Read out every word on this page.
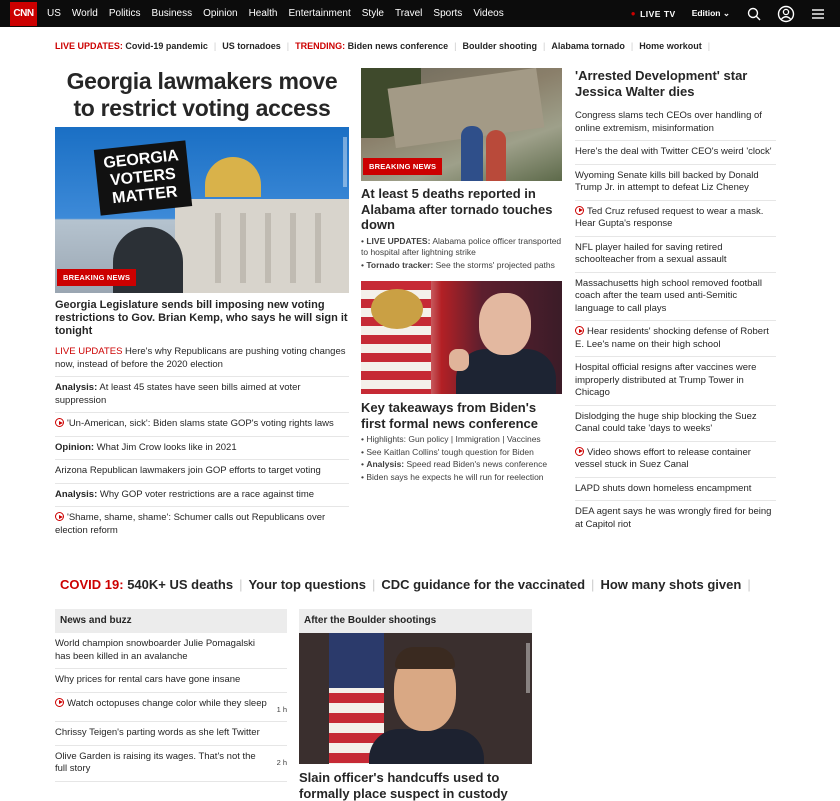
CNN	US World Politics Business Opinion Health Entertainment Style Travel Sports Videos	● LIVE TV Edition ⌄
LIVE UPDATES:
Covid-19 pandemic | US tornadoes | TRENDING:
Biden news conference | Boulder shooting | Alabama tornado | Home workout |
Georgia lawmakers move to restrict voting access
GEORGIA VOTERS MATTER
BREAKING NEWS
Georgia Legislature sends bill imposing new voting restrictions to Gov. Brian Kemp, who says he will sign it tonight
LIVE UPDATES Here's why Republicans are pushing voting changes now, instead of before the 2020 election
Analysis: At least 45 states have seen bills aimed at voter suppression
'Un-American, sick': Biden slams state GOP's voting rights laws
Opinion: What Jim Crow looks like in 2021
Arizona Republican lawmakers join GOP efforts to target voting
Analysis: Why GOP voter restrictions are a race against time
'Shame, shame, shame': Schumer calls out Republicans over election reform
BREAKING NEWS
At least 5 deaths reported in Alabama after tornado touches down
• LIVE UPDATES: Alabama police officer transported to hospital after lightning strike
• Tornado tracker: See the storms' projected paths
Key takeaways from Biden's first formal news conference
• Highlights: Gun policy | Immigration | Vaccines
• See Kaitlan Collins' tough question for Biden
• Analysis: Speed read Biden's news conference
• Biden says he expects he will run for reelection
'Arrested Development' star Jessica Walter dies
Congress slams tech CEOs over handling of online extremism, misinformation
Here's the deal with Twitter CEO's weird 'clock'
Wyoming Senate kills bill backed by Donald Trump Jr. in attempt to defeat Liz Cheney
Ted Cruz refused request to wear a mask. Hear Gupta's response
NFL player hailed for saving retired schoolteacher from a sexual assault
Massachusetts high school removed football coach after the team used anti-Semitic language to call plays
Hear residents' shocking defense of Robert E. Lee's name on their high school
Hospital official resigns after vaccines were improperly distributed at Trump Tower in Chicago
Dislodging the huge ship blocking the Suez Canal could take 'days to weeks'
Video shows effort to release container vessel stuck in Suez Canal
LAPD shuts down homeless encampment
DEA agent says he was wrongly fired for being at Capitol riot
COVID 19:
540K+ US deaths | Your top questions | CDC guidance for the vaccinated | How many shots given |
News and buzz
World champion snowboarder Julie Pomagalski has been killed in an avalanche
Why prices for rental cars have gone insane
Watch octopuses change color while they sleep
1 h
Chrissy Teigen's parting words as she left Twitter
Olive Garden is raising its wages. That's not the full story
2 h
After the Boulder shootings
Slain officer's handcuffs used to formally place suspect in custody
